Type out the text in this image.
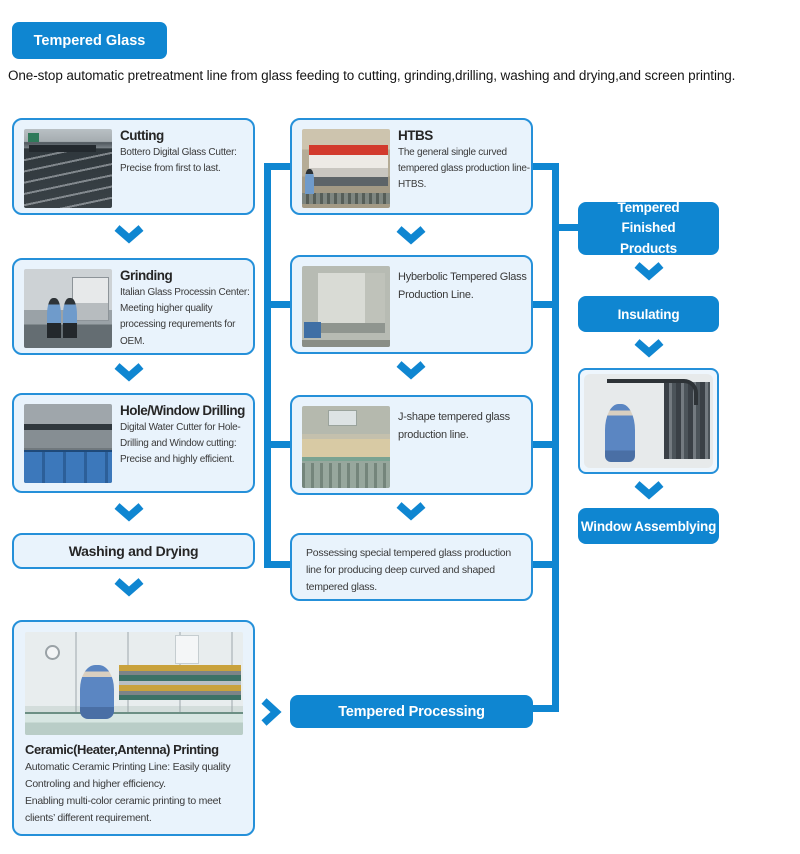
Tempered Glass
One-stop automatic pretreatment line from glass feeding to cutting, grinding,drilling, washing and drying,and screen printing.
Cutting
Bottero Digital Glass Cutter: Precise from first to last.
Grinding
Italian Glass Processin Center: Meeting higher quality processing requrements for OEM.
Hole/Window Drilling
Digital Water Cutter for Hole-Drilling and Window cutting: Precise and highly efficient.
Washing and Drying
Ceramic(Heater,Antenna) Printing
Automatic Ceramic Printing Line: Easily quality Controling and higher efficiency.
Enabling multi-color ceramic printing to meet clients’ different requirement.
HTBS
The general single curved tempered glass production line-HTBS.
Hyberbolic Tempered Glass Production Line.
J-shape tempered glass production line.
Possessing special tempered glass production line for producing deep curved and shaped tempered glass.
Tempered Processing
Tempered Finished Products
Insulating
Window Assemblying
